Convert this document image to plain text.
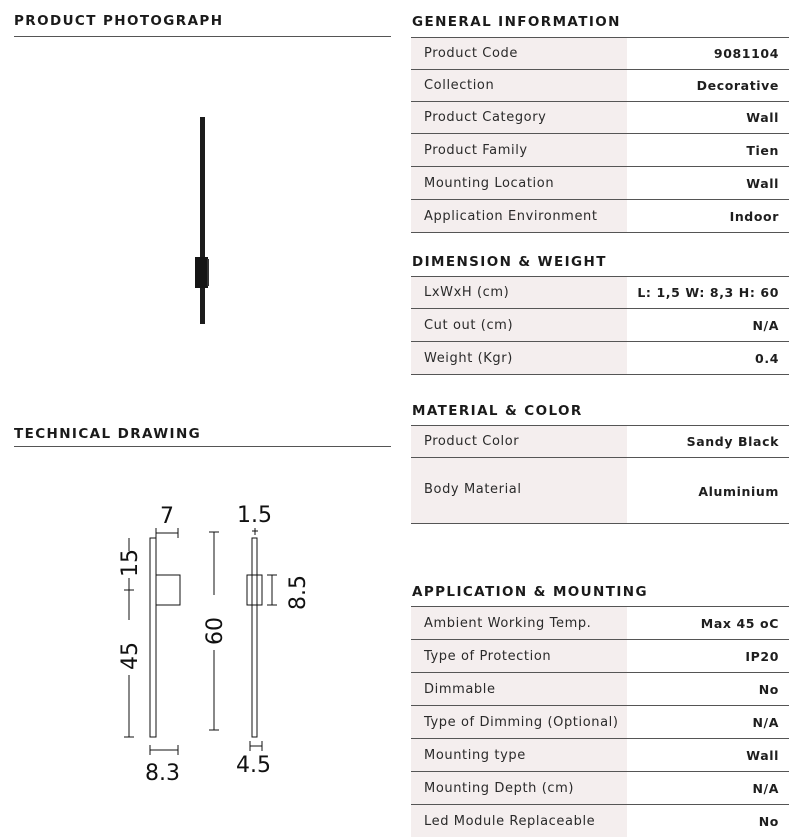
PRODUCT PHOTOGRAPH
TECHNICAL DRAWING
7
15
45
8.3
60
1.5
8.5
4.5
GENERAL INFORMATION
Product Code	9081104
Collection	Decorative
Product Category	Wall
Product Family	Tien
Mounting Location	Wall
Application Environment	Indoor
DIMENSION & WEIGHT
LxWxH (cm)	L: 1,5 W: 8,3 H: 60
Cut out (cm)	N/A
Weight (Kgr)	0.4
MATERIAL & COLOR
Product Color	Sandy Black
Body Material	Aluminium
APPLICATION & MOUNTING
Ambient Working Temp.	Max 45 oC
Type of Protection	IP20
Dimmable	No
Type of Dimming (Optional)	N/A
Mounting type	Wall
Mounting Depth (cm)	N/A
Led Module Replaceable	No
